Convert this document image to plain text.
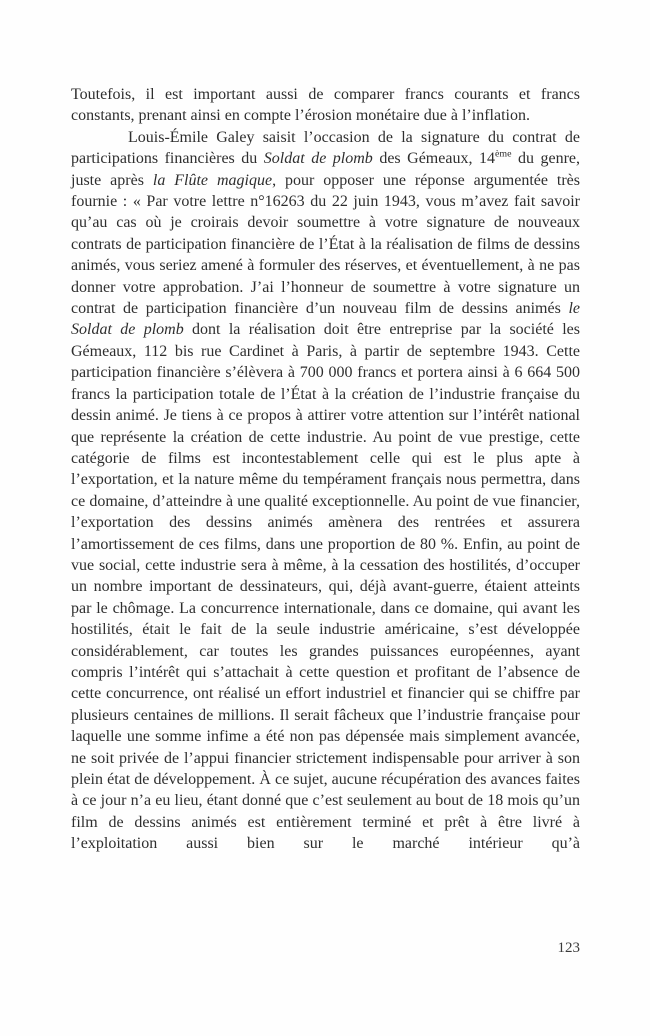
Toutefois, il est important aussi de comparer francs courants et francs constants, prenant ainsi en compte l’érosion monétaire due à l’inflation.

Louis-Émile Galey saisit l’occasion de la signature du contrat de participations financières du Soldat de plomb des Gémeaux, 14ème du genre, juste après la Flûte magique, pour opposer une réponse argumentée très fournie : « Par votre lettre n°16263 du 22 juin 1943, vous m’avez fait savoir qu’au cas où je croirais devoir soumettre à votre signature de nouveaux contrats de participation financière de l’État à la réalisation de films de dessins animés, vous seriez amené à formuler des réserves, et éventuellement, à ne pas donner votre approbation. J’ai l’honneur de soumettre à votre signature un contrat de participation financière d’un nouveau film de dessins animés le Soldat de plomb dont la réalisation doit être entreprise par la société les Gémeaux, 112 bis rue Cardinet à Paris, à partir de septembre 1943. Cette participation financière s’élèvera à 700 000 francs et portera ainsi à 6 664 500 francs la participation totale de l’État à la création de l’industrie française du dessin animé. Je tiens à ce propos à attirer votre attention sur l’intérêt national que représente la création de cette industrie. Au point de vue prestige, cette catégorie de films est incontestablement celle qui est le plus apte à l’exportation, et la nature même du tempérament français nous permettra, dans ce domaine, d’atteindre à une qualité exceptionnelle. Au point de vue financier, l’exportation des dessins animés amènera des rentrées et assurera l’amortissement de ces films, dans une proportion de 80 %. Enfin, au point de vue social, cette industrie sera à même, à la cessation des hostilités, d’occuper un nombre important de dessinateurs, qui, déjà avant-guerre, étaient atteints par le chômage. La concurrence internationale, dans ce domaine, qui avant les hostilités, était le fait de la seule industrie américaine, s’est développée considérablement, car toutes les grandes puissances européennes, ayant compris l’intérêt qui s’attachait à cette question et profitant de l’absence de cette concurrence, ont réalisé un effort industriel et financier qui se chiffre par plusieurs centaines de millions. Il serait fâcheux que l’industrie française pour laquelle une somme infime a été non pas dépensée mais simplement avancée, ne soit privée de l’appui financier strictement indispensable pour arriver à son plein état de développement. À ce sujet, aucune récupération des avances faites à ce jour n’a eu lieu, étant donné que c’est seulement au bout de 18 mois qu’un film de dessins animés est entièrement terminé et prêt à être livré à l’exploitation aussi bien sur le marché intérieur qu’à

123
